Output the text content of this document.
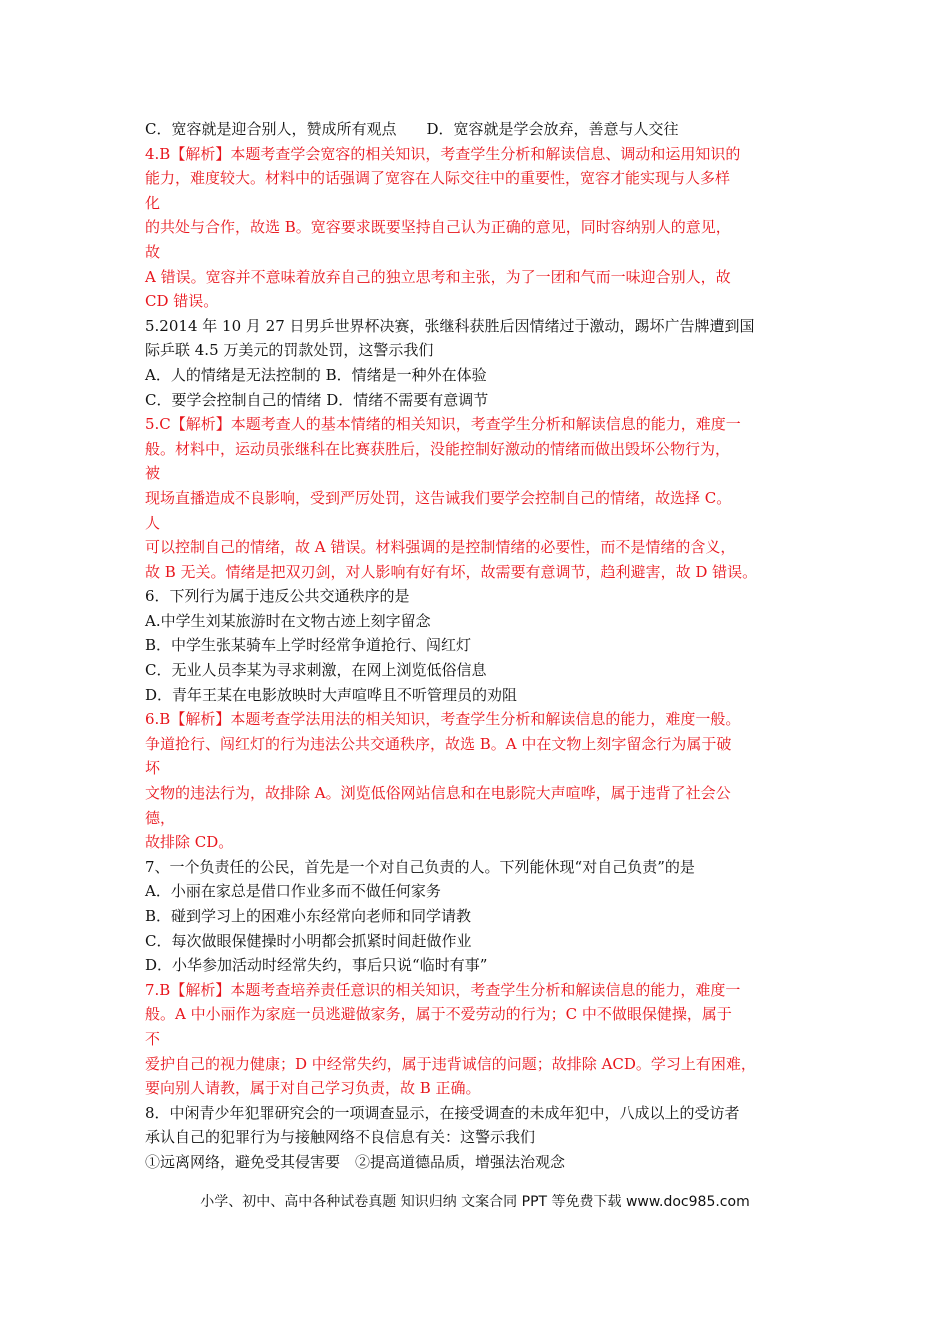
C．宽容就是迎合别人，赞成所有观点　　D．宽容就是学会放弃，善意与人交往
4.B【解析】本题考查学会宽容的相关知识，考查学生分析和解读信息、调动和运用知识的
能力，难度较大。材料中的话强调了宽容在人际交往中的重要性，宽容才能实现与人多样
化
的共处与合作，故选 B。宽容要求既要坚持自己认为正确的意见，同时容纳别人的意见，
故
A 错误。宽容并不意味着放弃自己的独立思考和主张，为了一团和气而一味迎合别人，故
CD 错误。
5.2014 年 10 月 27 日男乒世界杯决赛，张继科获胜后因情绪过于激动，踢坏广告牌遭到国
际乒联 4.5 万美元的罚款处罚，这警示我们
A．人的情绪是无法控制的 B．情绪是一种外在体验
C．要学会控制自己的情绪 D．情绪不需要有意调节
5.C【解析】本题考查人的基本情绪的相关知识，考查学生分析和解读信息的能力，难度一
般。材料中，运动员张继科在比赛获胜后，没能控制好激动的情绪而做出毁坏公物行为，
被
现场直播造成不良影响，受到严厉处罚，这告诫我们要学会控制自己的情绪，故选择 C。
人
可以控制自己的情绪，故 A 错误。材料强调的是控制情绪的必要性，而不是情绪的含义，
故 B 无关。情绪是把双刃剑，对人影响有好有坏，故需要有意调节，趋利避害，故 D 错误。
6．下列行为属于违反公共交通秩序的是
A.中学生刘某旅游时在文物古迹上刻字留念
B．中学生张某骑车上学时经常争道抢行、闯红灯
C．无业人员李某为寻求刺激，在网上浏览低俗信息
D．青年王某在电影放映时大声喧哗且不听管理员的劝阻
6.B【解析】本题考查学法用法的相关知识，考查学生分析和解读信息的能力，难度一般。
争道抢行、闯红灯的行为违法公共交通秩序，故选 B。A 中在文物上刻字留念行为属于破
坏
文物的违法行为，故排除 A。浏览低俗网站信息和在电影院大声喧哗，属于违背了社会公
德，
故排除 CD。
7、一个负责任的公民，首先是一个对自己负责的人。下列能休现“对自己负责”的是
A．小丽在家总是借口作业多而不做任何家务
B．碰到学习上的困难小东经常向老师和同学请教
C．每次做眼保健操时小明都会抓紧时间赶做作业
D．小华参加活动时经常失约，事后只说“临时有事”
7.B【解析】本题考查培养责任意识的相关知识，考查学生分析和解读信息的能力，难度一
般。A 中小丽作为家庭一员逃避做家务，属于不爱劳动的行为；C 中不做眼保健操，属于
不
爱护自己的视力健康；D 中经常失约，属于违背诚信的问题；故排除 ACD。学习上有困难，
要向别人请教，属于对自己学习负责，故 B 正确。
8．中闲青少年犯罪研究会的一项调查显示，在接受调查的未成年犯中，八成以上的受访者
承认自己的犯罪行为与接触网络不良信息有关：这警示我们
①远离网络，避免受其侵害要　②提高道德品质，增强法治观念
小学、初中、高中各种试卷真题 知识归纳 文案合同 PPT 等免费下载 www.doc985.com
